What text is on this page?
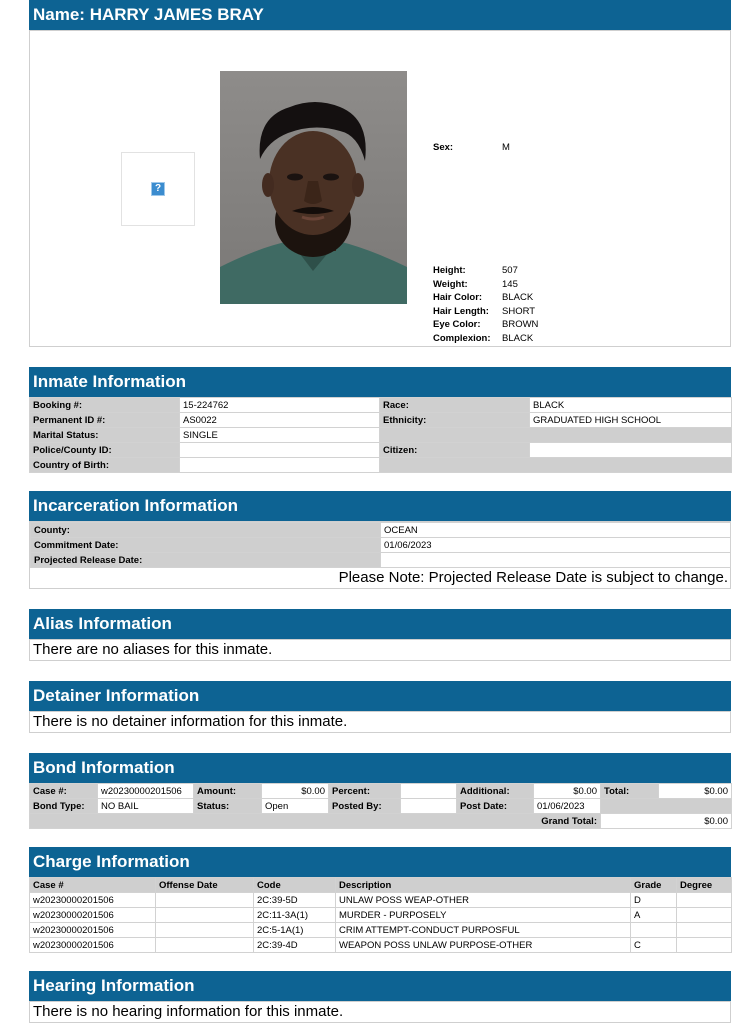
Name:
HARRY JAMES BRAY
?
Sex:	M
Height:	507
Weight:	145
Hair Color:	BLACK
Hair Length:	SHORT
Eye Color:	BROWN
Complexion:	BLACK
Inmate Information
Booking #:	15-224762	Race:	BLACK
Permanent ID #:	AS0022	Ethnicity:	GRADUATED HIGH SCHOOL
Marital Status:	SINGLE		
Police/County ID:		Citizen:	
Country of Birth:			
Incarceration Information
County:	OCEAN
Commitment Date:	01/06/2023
Projected Release Date:	
Please Note: Projected Release Date is subject to change.
Alias Information
There are no aliases for this inmate.
Detainer Information
There is no detainer information for this inmate.
Bond Information
Case #:	w20230000201506	Amount:	$0.00	Percent:		Additional:	$0.00	Total:	$0.00
Bond Type:	NO BAIL	Status:	Open	Posted By:		Post Date:	01/06/2023		
Grand Total:								$0.00	
Charge Information
Case #	Offense Date	Code	Description	Grade	Degree
w20230000201506		2C:39-5D	UNLAW POSS WEAP-OTHER	D	
w20230000201506		2C:11-3A(1)	MURDER - PURPOSELY	A	
w20230000201506		2C:5-1A(1)	CRIM ATTEMPT-CONDUCT PURPOSFUL		
w20230000201506		2C:39-4D	WEAPON POSS UNLAW PURPOSE-OTHER	C	
Hearing Information
There is no hearing information for this inmate.
